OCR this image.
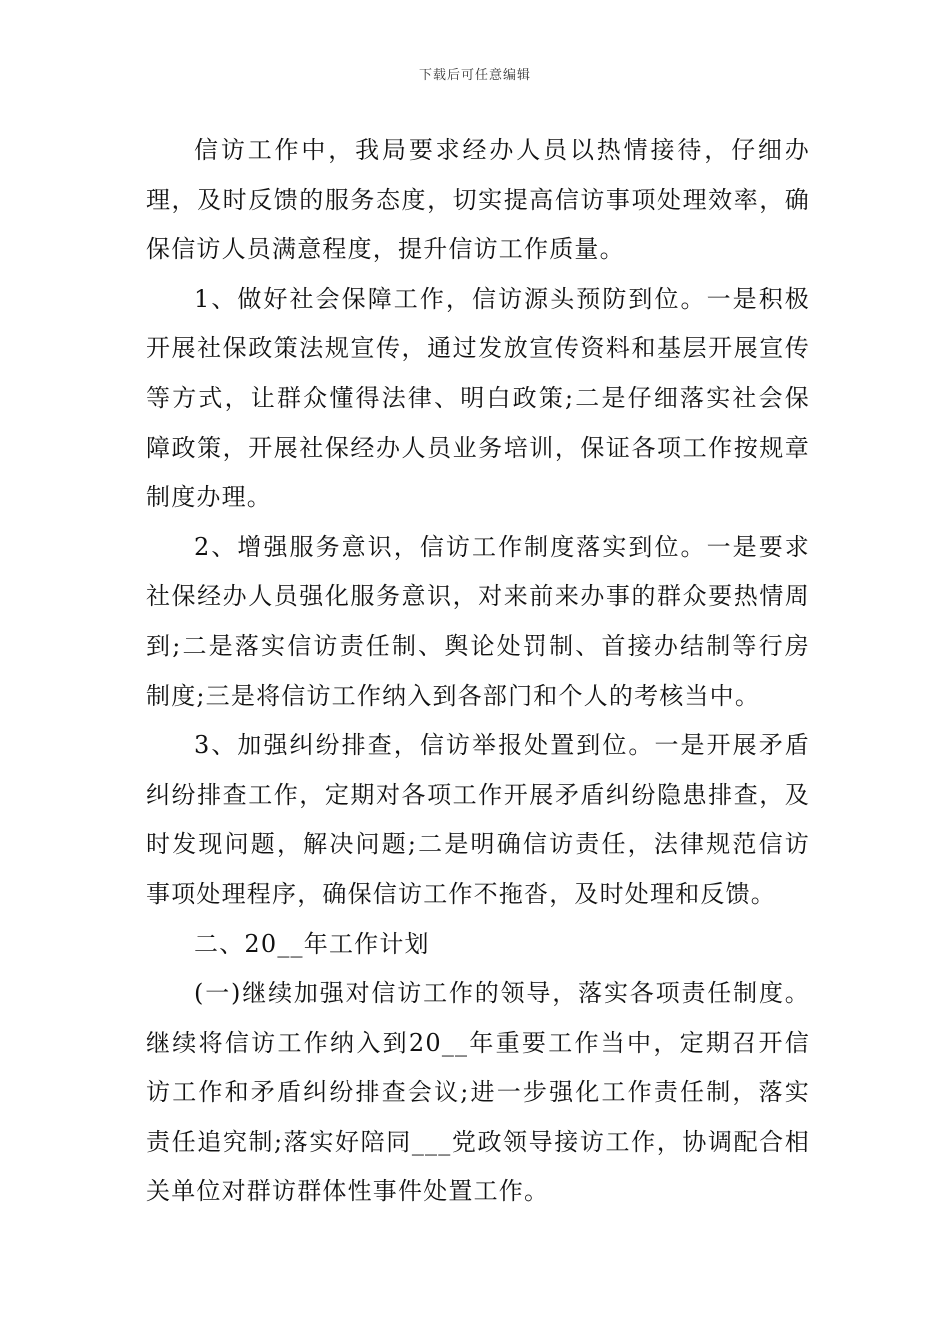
下载后可任意编辑

信访工作中，我局要求经办人员以热情接待，仔细办理，及时反馈的服务态度，切实提高信访事项处理效率，确保信访人员满意程度，提升信访工作质量。

1、做好社会保障工作，信访源头预防到位。一是积极开展社保政策法规宣传，通过发放宣传资料和基层开展宣传等方式，让群众懂得法律、明白政策;二是仔细落实社会保障政策，开展社保经办人员业务培训，保证各项工作按规章制度办理。

2、增强服务意识，信访工作制度落实到位。一是要求社保经办人员强化服务意识，对来前来办事的群众要热情周到;二是落实信访责任制、舆论处罚制、首接办结制等行房制度;三是将信访工作纳入到各部门和个人的考核当中。

3、加强纠纷排查，信访举报处置到位。一是开展矛盾纠纷排查工作，定期对各项工作开展矛盾纠纷隐患排查，及时发现问题，解决问题;二是明确信访责任，法律规范信访事项处理程序，确保信访工作不拖沓，及时处理和反馈。

二、20__年工作计划

(一)继续加强对信访工作的领导，落实各项责任制度。继续将信访工作纳入到20__年重要工作当中，定期召开信访工作和矛盾纠纷排查会议;进一步强化工作责任制，落实责任追究制;落实好陪同___党政领导接访工作，协调配合相关单位对群访群体性事件处置工作。
